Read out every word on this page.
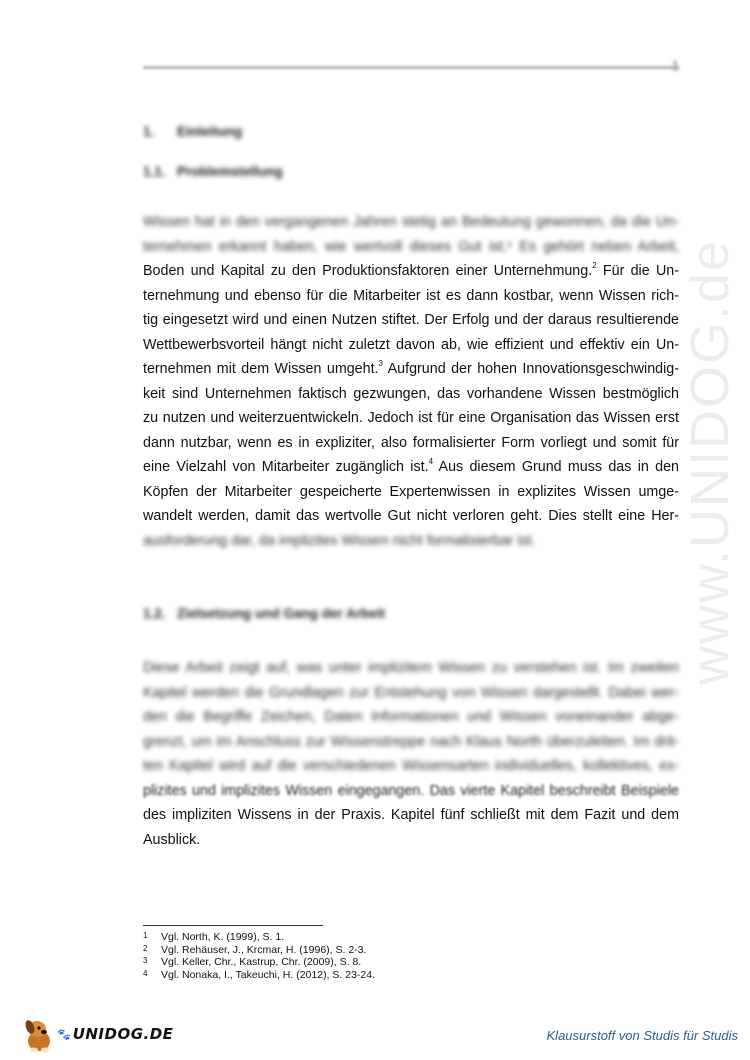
www.UNIDOG.de
1. Einleitung
1.1. Problemstellung
Wissen hat in den vergangenen Jahren stetig an Bedeutung gewonnen, da die Un-
ternehmen erkannt haben, wie wertvoll dieses Gut ist.¹ Es gehört neben Arbeit,
Boden und Kapital zu den Produktionsfaktoren einer Unternehmung.$^2$ Für die Un-
ternehmung und ebenso für die Mitarbeiter ist es dann kostbar, wenn Wissen rich-
tig eingesetzt wird und einen Nutzen stiftet. Der Erfolg und der daraus resultierende
Wettbewerbsvorteil hängt nicht zuletzt davon ab, wie effizient und effektiv ein Un-
ternehmen mit dem Wissen umgeht.$^3$ Aufgrund der hohen Innovationsgeschwindig-
keit sind Unternehmen faktisch gezwungen, das vorhandene Wissen bestmöglich
zu nutzen und weiterzuentwickeln. Jedoch ist für eine Organisation das Wissen erst
dann nutzbar, wenn es in expliziter, also formalisierter Form vorliegt und somit für
eine Vielzahl von Mitarbeiter zugänglich ist.$^4$ Aus diesem Grund muss das in den
Köpfen der Mitarbeiter gespeicherte Expertenwissen in explizites Wissen umge-
wandelt werden, damit das wertvolle Gut nicht verloren geht. Dies stellt eine Her-
ausforderung dar, da implizites Wissen nicht formalisierbar ist.
1.2. Zielsetzung und Gang der Arbeit
Diese Arbeit zeigt auf, was unter implizitem Wissen zu verstehen ist. Im zweiten
Kapitel werden die Grundlagen zur Entstehung von Wissen dargestellt. Dabei wer-
den die Begriffe Zeichen, Daten Informationen und Wissen voneinander abge-
grenzt, um im Anschluss zur Wissenstreppe nach Klaus North überzuleiten. Im drit-
ten Kapitel wird auf die verschiedenen Wissensarten individuelles, kollektives, ex-
plizites und implizites Wissen eingegangen. Das vierte Kapitel beschreibt Beispiele
des impliziten Wissens in der Praxis. Kapitel fünf schließt mit dem Fazit und dem
Ausblick.
1	Vgl. North, K. (1999), S. 1.
2	Vgl. Rehäuser, J., Krcmar, H. (1996), S. 2-3.
3	Vgl. Keller, Chr., Kastrup, Chr. (2009), S. 8.
4	Vgl. Nonaka, I., Takeuchi, H. (2012), S. 23-24.
🐾 UNIDOG.DE	Klausurstoff von Studis für Studis
